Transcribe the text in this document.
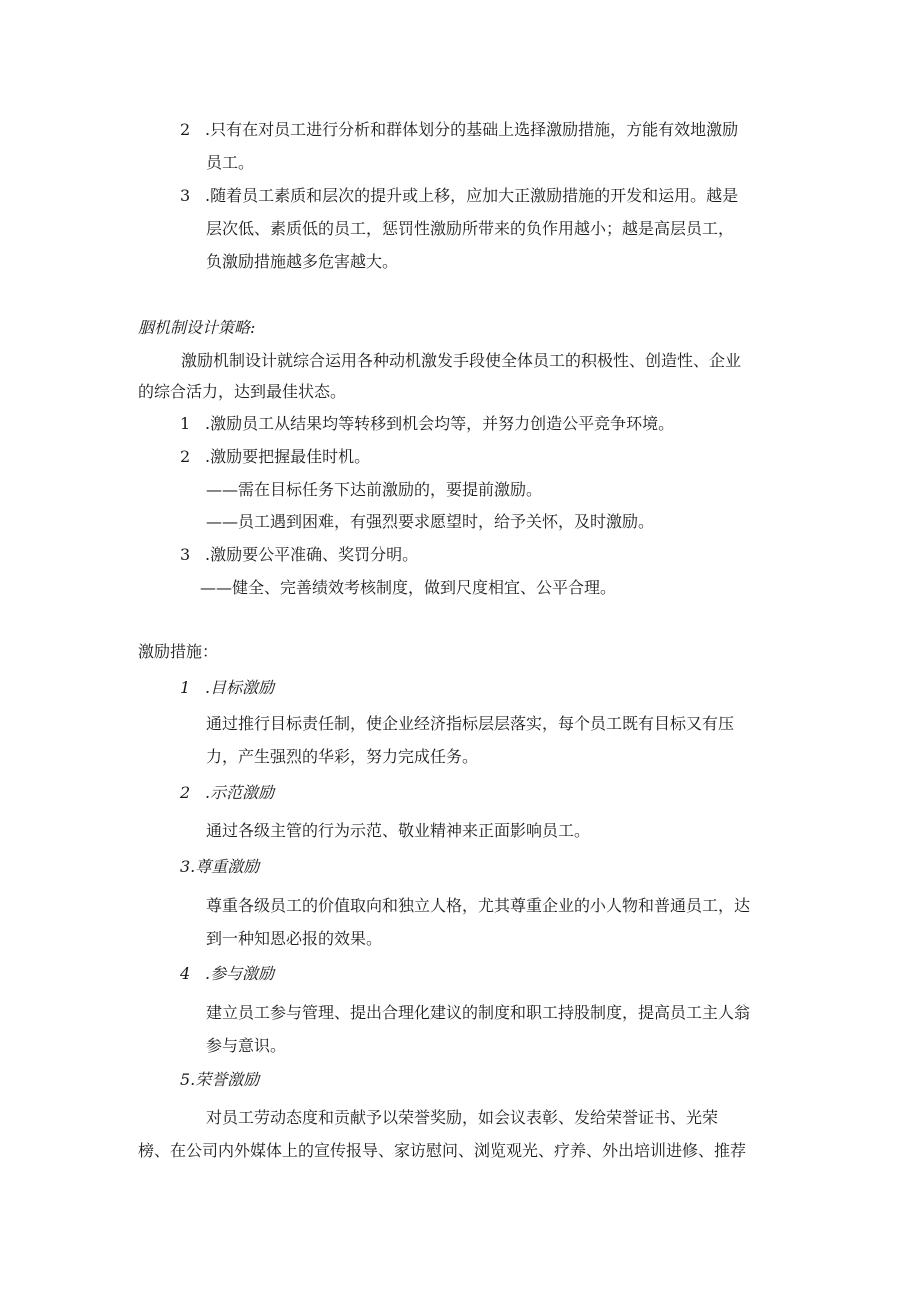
2 .只有在对员工进行分析和群体划分的基础上选择激励措施，方能有效地激励
员工。
3 .随着员工素质和层次的提升或上移，应加大正激励措施的开发和运用。越是
层次低、素质低的员工，惩罚性激励所带来的负作用越小；越是高层员工，
负激励措施越多危害越大。
胭机制设计策略:
激励机制设计就综合运用各种动机激发手段使全体员工的积极性、创造性、企业
的综合活力，达到最佳状态。
1 .激励员工从结果均等转移到机会均等，并努力创造公平竞争环境。
2 .激励要把握最佳时机。
——需在目标任务下达前激励的，要提前激励。
——员工遇到困难，有强烈要求愿望时，给予关怀，及时激励。
3 .激励要公平准确、奖罚分明。
——健全、完善绩效考核制度，做到尺度相宜、公平合理。
激励措施：
1 .目标激励
通过推行目标责任制，使企业经济指标层层落实，每个员工既有目标又有压
力，产生强烈的华彩，努力完成任务。
2 .示范激励
通过各级主管的行为示范、敬业精神来正面影响员工。
3.尊重激励
尊重各级员工的价值取向和独立人格，尤其尊重企业的小人物和普通员工，达
到一种知恩必报的效果。
4 .参与激励
建立员工参与管理、提出合理化建议的制度和职工持股制度，提高员工主人翁
参与意识。
5.荣誉激励
对员工劳动态度和贡献予以荣誉奖励，如会议表彰、发给荣誉证书、光荣
榜、在公司内外媒体上的宣传报导、家访慰问、浏览观光、疗养、外出培训进修、推荐
